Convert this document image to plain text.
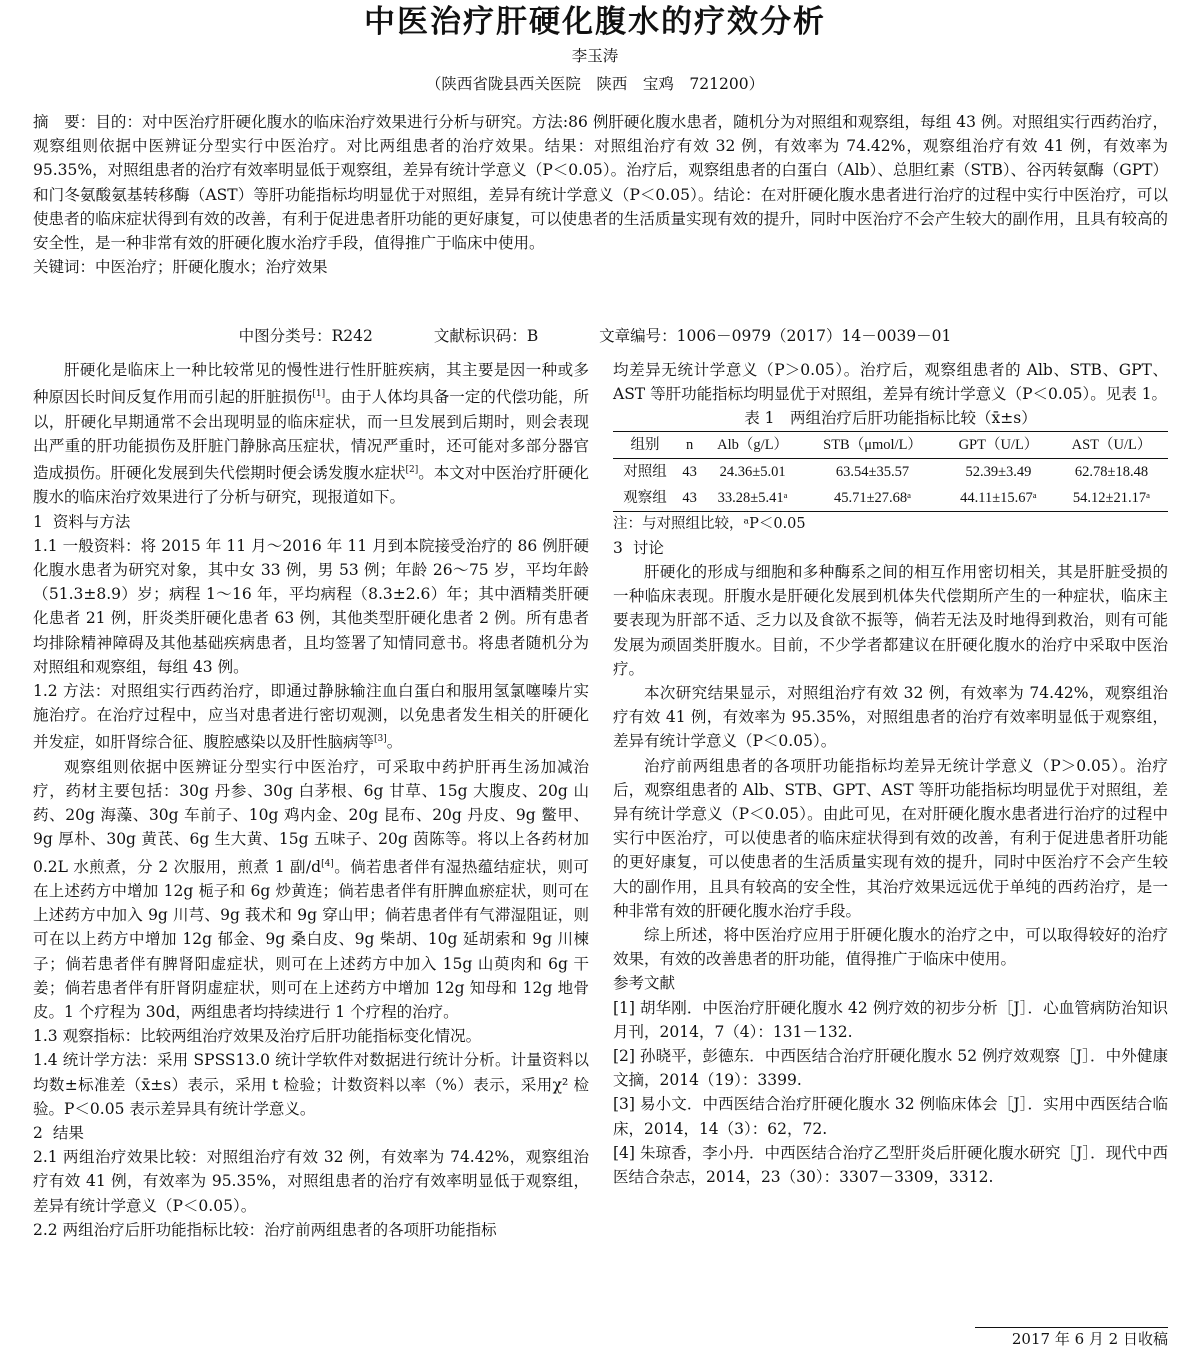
中医治疗肝硬化腹水的疗效分析
李玉涛
（陕西省陇县西关医院　陕西　宝鸡　721200）

摘　要：目的：对中医治疗肝硬化腹水的临床治疗效果进行分析与研究。方法:86 例肝硬化腹水患者，随机分为对照组和观察组，每组 43 例。对照组实行西药治疗，观察组则依据中医辨证分型实行中医治疗。对比两组患者的治疗效果。结果：对照组治疗有效 32 例，有效率为 74.42%，观察组治疗有效 41 例，有效率为 95.35%，对照组患者的治疗有效率明显低于观察组，差异有统计学意义（P＜0.05）。治疗后，观察组患者的白蛋白（Alb）、总胆红素（STB）、谷丙转氨酶（GPT）和门冬氨酸氨基转移酶（AST）等肝功能指标均明显优于对照组，差异有统计学意义（P＜0.05）。结论：在对肝硬化腹水患者进行治疗的过程中实行中医治疗，可以使患者的临床症状得到有效的改善，有利于促进患者肝功能的更好康复，可以使患者的生活质量实现有效的提升，同时中医治疗不会产生较大的副作用，且具有较高的安全性，是一种非常有效的肝硬化腹水治疗手段，值得推广于临床中使用。

关键词：中医治疗；肝硬化腹水；治疗效果

中图分类号：R242	文献标识码：B	文章编号：1006－0979（2017）14－0039－01

肝硬化是临床上一种比较常见的慢性进行性肝脏疾病，其主要是因一种或多种原因长时间反复作用而引起的肝脏损伤[1]。由于人体均具备一定的代偿功能，所以，肝硬化早期通常不会出现明显的临床症状，而一旦发展到后期时，则会表现出严重的肝功能损伤及肝脏门静脉高压症状，情况严重时，还可能对多部分器官造成损伤。肝硬化发展到失代偿期时便会诱发腹水症状[2]。本文对中医治疗肝硬化腹水的临床治疗效果进行了分析与研究，现报道如下。

1 资料与方法

1.1 一般资料：将 2015 年 11 月～2016 年 11 月到本院接受治疗的 86 例肝硬化腹水患者为研究对象，其中女 33 例，男 53 例；年龄 26～75 岁，平均年龄（51.3±8.9）岁；病程 1～16 年，平均病程（8.3±2.6）年；其中酒精类肝硬化患者 21 例，肝炎类肝硬化患者 63 例，其他类型肝硬化患者 2 例。所有患者均排除精神障碍及其他基础疾病患者，且均签署了知情同意书。将患者随机分为对照组和观察组，每组 43 例。

1.2 方法：对照组实行西药治疗，即通过静脉输注血白蛋白和服用氢氯噻嗪片实施治疗。在治疗过程中，应当对患者进行密切观测，以免患者发生相关的肝硬化并发症，如肝肾综合征、腹腔感染以及肝性脑病等[3]。

观察组则依据中医辨证分型实行中医治疗，可采取中药护肝再生汤加减治疗，药材主要包括：30g 丹参、30g 白茅根、6g 甘草、15g 大腹皮、20g 山药、20g 海藻、30g 车前子、10g 鸡内金、20g 昆布、20g 丹皮、9g 鳖甲、9g 厚朴、30g 黄芪、6g 生大黄、15g 五味子、20g 茵陈等。将以上各药材加 0.2L 水煎煮，分 2 次服用，煎煮 1 副/d[4]。倘若患者伴有湿热蕴结症状，则可在上述药方中增加 12g 栀子和 6g 炒黄连；倘若患者伴有肝脾血瘀症状，则可在上述药方中加入 9g 川芎、9g 莪术和 9g 穿山甲；倘若患者伴有气滞湿阻证，则可在以上药方中增加 12g 郁金、9g 桑白皮、9g 柴胡、10g 延胡索和 9g 川楝子；倘若患者伴有脾肾阳虚症状，则可在上述药方中加入 15g 山萸肉和 6g 干姜；倘若患者伴有肝肾阴虚症状，则可在上述药方中增加 12g 知母和 12g 地骨皮。1 个疗程为 30d，两组患者均持续进行 1 个疗程的治疗。

1.3 观察指标：比较两组治疗效果及治疗后肝功能指标变化情况。

1.4 统计学方法：采用 SPSS13.0 统计学软件对数据进行统计分析。计量资料以均数±标准差（x̄±s）表示，采用 t 检验；计数资料以率（%）表示，采用χ² 检验。P＜0.05 表示差异具有统计学意义。

2 结果

2.1 两组治疗效果比较：对照组治疗有效 32 例，有效率为 74.42%，观察组治疗有效 41 例，有效率为 95.35%，对照组患者的治疗有效率明显低于观察组，差异有统计学意义（P＜0.05）。

2.2 两组治疗后肝功能指标比较：治疗前两组患者的各项肝功能指标

均差异无统计学意义（P＞0.05）。治疗后，观察组患者的 Alb、STB、GPT、AST 等肝功能指标均明显优于对照组，差异有统计学意义（P＜0.05）。见表 1。

表 1　两组治疗后肝功能指标比较（x̄±s）

组别	n	Alb（g/L）	STB（μmol/L）	GPT（U/L）	AST（U/L）
对照组	43	24.36±5.01	63.54±35.57	52.39±3.49	62.78±18.48
观察组	43	33.28±5.41ᵃ	45.71±27.68ᵃ	44.11±15.67ᵃ	54.12±21.17ᵃ

注：与对照组比较，ᵃP＜0.05

3 讨论

肝硬化的形成与细胞和多种酶系之间的相互作用密切相关，其是肝脏受损的一种临床表现。肝腹水是肝硬化发展到机体失代偿期所产生的一种症状，临床主要表现为肝部不适、乏力以及食欲不振等，倘若无法及时地得到救治，则有可能发展为顽固类肝腹水。目前，不少学者都建议在肝硬化腹水的治疗中采取中医治疗。

本次研究结果显示，对照组治疗有效 32 例，有效率为 74.42%，观察组治疗有效 41 例，有效率为 95.35%，对照组患者的治疗有效率明显低于观察组，差异有统计学意义（P＜0.05）。

治疗前两组患者的各项肝功能指标均差异无统计学意义（P＞0.05）。治疗后，观察组患者的 Alb、STB、GPT、AST 等肝功能指标均明显优于对照组，差异有统计学意义（P＜0.05）。由此可见，在对肝硬化腹水患者进行治疗的过程中实行中医治疗，可以使患者的临床症状得到有效的改善，有利于促进患者肝功能的更好康复，可以使患者的生活质量实现有效的提升，同时中医治疗不会产生较大的副作用，且具有较高的安全性，其治疗效果远远优于单纯的西药治疗，是一种非常有效的肝硬化腹水治疗手段。

综上所述，将中医治疗应用于肝硬化腹水的治疗之中，可以取得较好的治疗效果，有效的改善患者的肝功能，值得推广于临床中使用。

参考文献

[1] 胡华刚．中医治疗肝硬化腹水 42 例疗效的初步分析［J］．心血管病防治知识月刊，2014，7（4）：131－132.

[2] 孙晓平，彭德东．中西医结合治疗肝硬化腹水 52 例疗效观察［J］．中外健康文摘，2014（19）：3399.

[3] 易小文．中西医结合治疗肝硬化腹水 32 例临床体会［J］．实用中西医结合临床，2014，14（3）：62，72.

[4] 朱琼香，李小丹．中西医结合治疗乙型肝炎后肝硬化腹水研究［J］．现代中西医结合杂志，2014，23（30）：3307－3309，3312.

2017 年 6 月 2 日收稿
